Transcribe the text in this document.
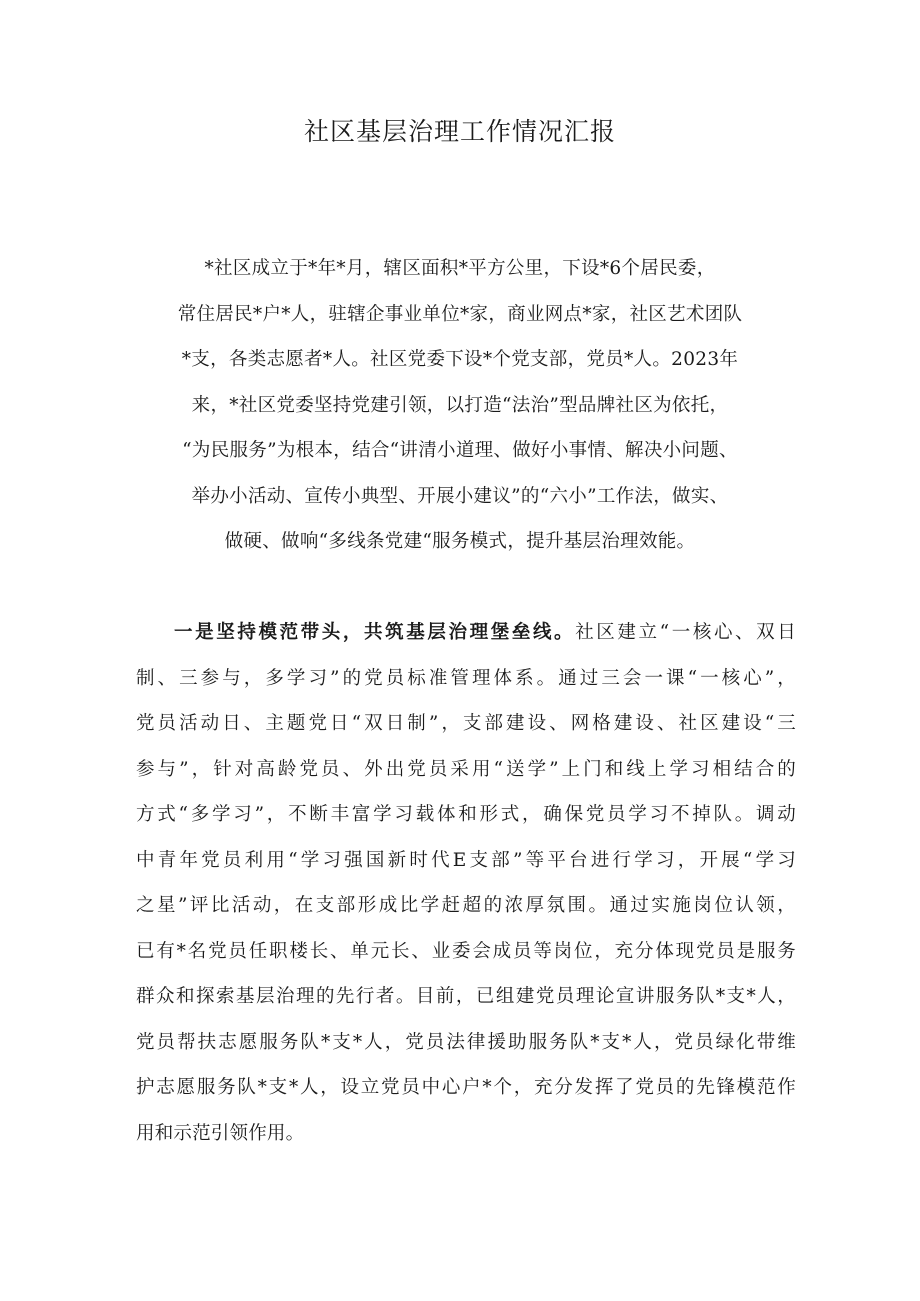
社区基层治理工作情况汇报
*社区成立于*年*月，辖区面积*平方公里，下设*6个居民委，
常住居民*户*人，驻辖企事业单位*家，商业网点*家，社区艺术团队
*支，各类志愿者*人。社区党委下设*个党支部，党员*人。2023年
来，*社区党委坚持党建引领，以打造“法治”型品牌社区为依托，
“为民服务”为根本，结合“讲清小道理、做好小事情、解决小问题、
举办小活动、宣传小典型、开展小建议”的“六小”工作法，做实、
做硬、做响“多线条党建“服务模式，提升基层治理效能。
一是坚持模范带头，共筑基层治理堡垒线。社区建立“一核心、双日
制、三参与，多学习”的党员标准管理体系。通过三会一课“一核心”，
党员活动日、主题党日“双日制”，支部建设、网格建设、社区建设“三
参与”，针对高龄党员、外出党员采用“送学”上门和线上学习相结合的
方式“多学习”，不断丰富学习载体和形式，确保党员学习不掉队。调动
中青年党员利用“学习强国新时代E支部”等平台进行学习，开展“学习
之星”评比活动，在支部形成比学赶超的浓厚氛围。通过实施岗位认领，
已有*名党员任职楼长、单元长、业委会成员等岗位，充分体现党员是服务
群众和探索基层治理的先行者。目前，已组建党员理论宣讲服务队*支*人，
党员帮扶志愿服务队*支*人，党员法律援助服务队*支*人，党员绿化带维
护志愿服务队*支*人，设立党员中心户*个，充分发挥了党员的先锋模范作
用和示范引领作用。
